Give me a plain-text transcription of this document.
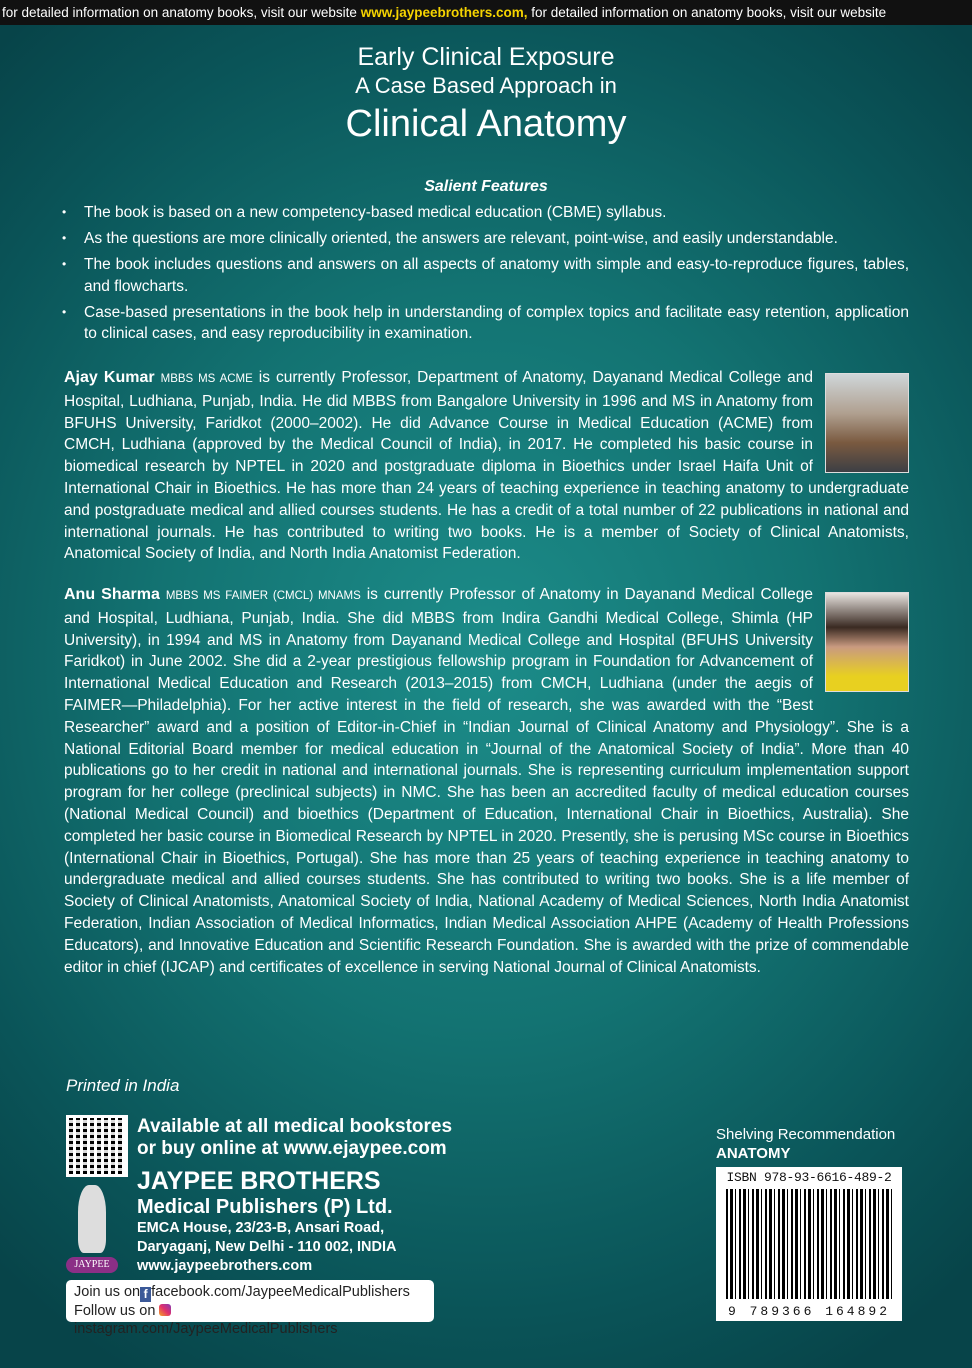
for detailed information on anatomy books, visit our website www.jaypeebrothers.com, for detailed information on anatomy books, visit our website
Early Clinical Exposure
A Case Based Approach in
Clinical Anatomy
Salient Features
• The book is based on a new competency-based medical education (CBME) syllabus.
• As the questions are more clinically oriented, the answers are relevant, point-wise, and easily understandable.
• The book includes questions and answers on all aspects of anatomy with simple and easy-to-reproduce figures, tables, and flowcharts.
• Case-based presentations in the book help in understanding of complex topics and facilitate easy retention, application to clinical cases, and easy reproducibility in examination.
Ajay Kumar MBBS MS ACME is currently Professor, Department of Anatomy, Dayanand Medical College and Hospital, Ludhiana, Punjab, India. He did MBBS from Bangalore University in 1996 and MS in Anatomy from BFUHS University, Faridkot (2000–2002). He did Advance Course in Medical Education (ACME) from CMCH, Ludhiana (approved by the Medical Council of India), in 2017. He completed his basic course in biomedical research by NPTEL in 2020 and postgraduate diploma in Bioethics under Israel Haifa Unit of International Chair in Bioethics. He has more than 24 years of teaching experience in teaching anatomy to undergraduate and postgraduate medical and allied courses students. He has a credit of a total number of 22 publications in national and international journals. He has contributed to writing two books. He is a member of Society of Clinical Anatomists, Anatomical Society of India, and North India Anatomist Federation.
Anu Sharma MBBS MS FAIMER (CMCL) MNAMS is currently Professor of Anatomy in Dayanand Medical College and Hospital, Ludhiana, Punjab, India. She did MBBS from Indira Gandhi Medical College, Shimla (HP University), in 1994 and MS in Anatomy from Dayanand Medical College and Hospital (BFUHS University Faridkot) in June 2002. She did a 2-year prestigious fellowship program in Foundation for Advancement of International Medical Education and Research (2013–2015) from CMCH, Ludhiana (under the aegis of FAIMER—Philadelphia). For her active interest in the field of research, she was awarded with the “Best Researcher” award and a position of Editor-in-Chief in “Indian Journal of Clinical Anatomy and Physiology”. She is a National Editorial Board member for medical education in “Journal of the Anatomical Society of India”. More than 40 publications go to her credit in national and international journals. She is representing curriculum implementation support program for her college (preclinical subjects) in NMC. She has been an accredited faculty of medical education courses (National Medical Council) and bioethics (Department of Education, International Chair in Bioethics, Australia). She completed her basic course in Biomedical Research by NPTEL in 2020. Presently, she is perusing MSc course in Bioethics (International Chair in Bioethics, Portugal). She has more than 25 years of teaching experience in teaching anatomy to undergraduate medical and allied courses students. She has contributed to writing two books. She is a life member of Society of Clinical Anatomists, Anatomical Society of India, National Academy of Medical Sciences, North India Anatomist Federation, Indian Association of Medical Informatics, Indian Medical Association AHPE (Academy of Health Professions Educators), and Innovative Education and Scientific Research Foundation. She is awarded with the prize of commendable editor in chief (IJCAP) and certificates of excellence in serving National Journal of Clinical Anatomists.
Printed in India
JAYPEE
Available at all medical bookstores
or buy online at www.ejaypee.com
JAYPEE BROTHERS
Medical Publishers (P) Ltd.
EMCA House, 23/23-B, Ansari Road,
Daryaganj, New Delhi - 110 002, INDIA
www.jaypeebrothers.com
Join us on f facebook.com/JaypeeMedicalPublishers
Follow us on instagram.com/JaypeeMedicalPublishers
Shelving Recommendation
ANATOMY
ISBN 978-93-6616-489-2
9 789366 164892
